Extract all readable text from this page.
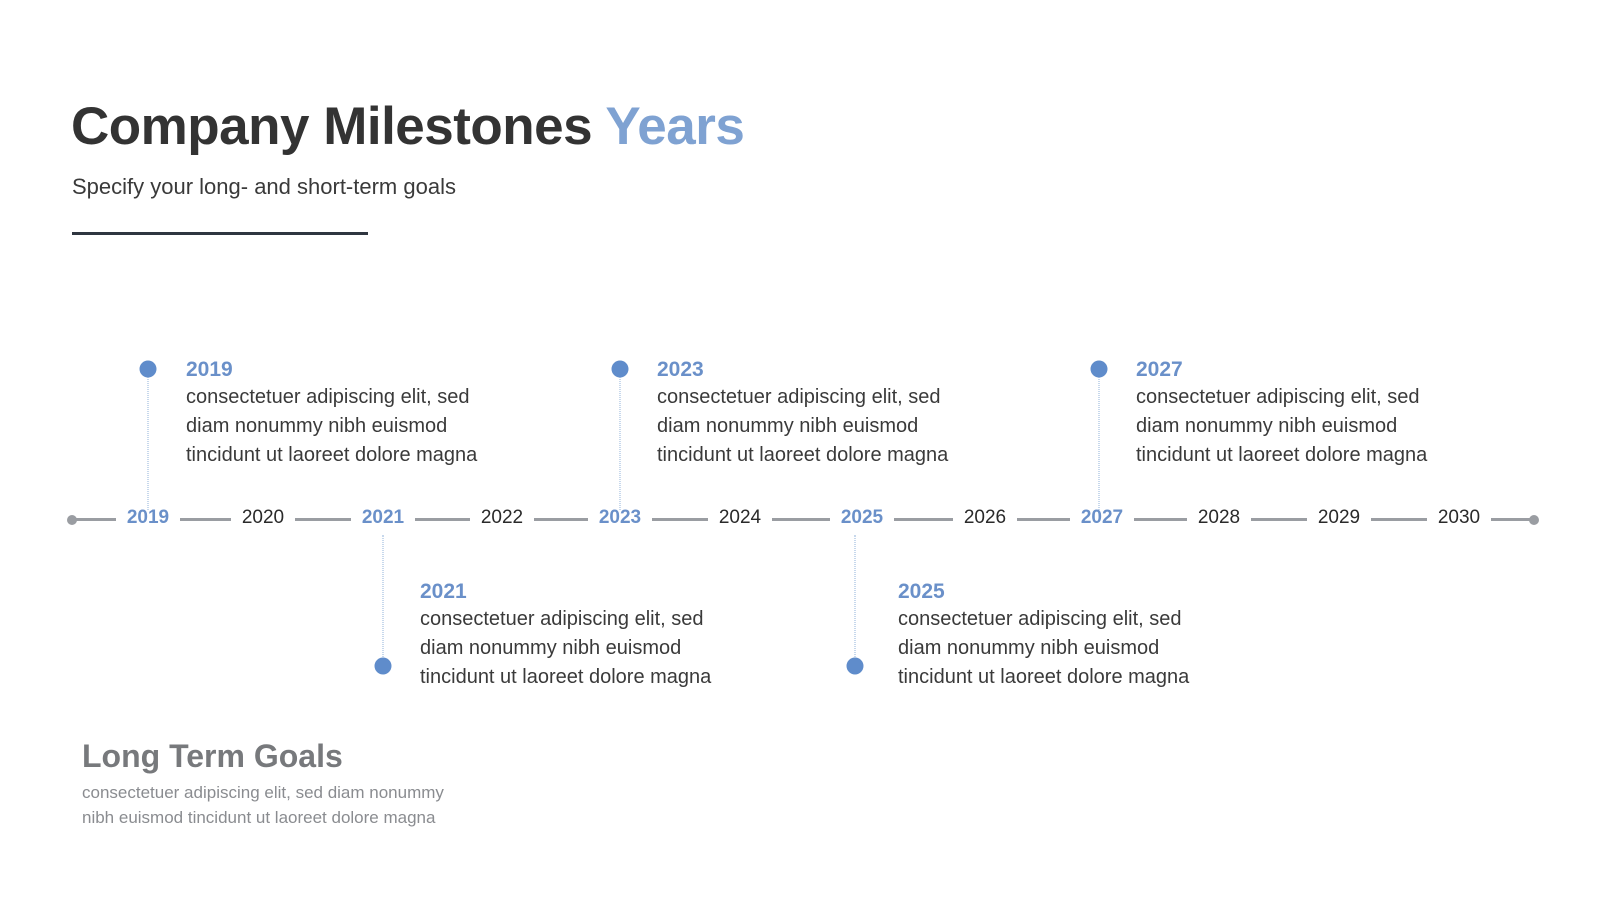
Company Milestones Years
Specify your long- and short-term goals
2019	2020	2021	2022	2023	2024	2025	2026	2027	2028	2029	2030
2019
consectetuer adipiscing elit, sed
diam nonummy nibh euismod
tincidunt ut laoreet dolore magna
2023
consectetuer adipiscing elit, sed
diam nonummy nibh euismod
tincidunt ut laoreet dolore magna
2027
consectetuer adipiscing elit, sed
diam nonummy nibh euismod
tincidunt ut laoreet dolore magna
2021
consectetuer adipiscing elit, sed
diam nonummy nibh euismod
tincidunt ut laoreet dolore magna
2025
consectetuer adipiscing elit, sed
diam nonummy nibh euismod
tincidunt ut laoreet dolore magna
Long Term Goals
consectetuer adipiscing elit, sed diam nonummy
nibh euismod tincidunt ut laoreet dolore magna
